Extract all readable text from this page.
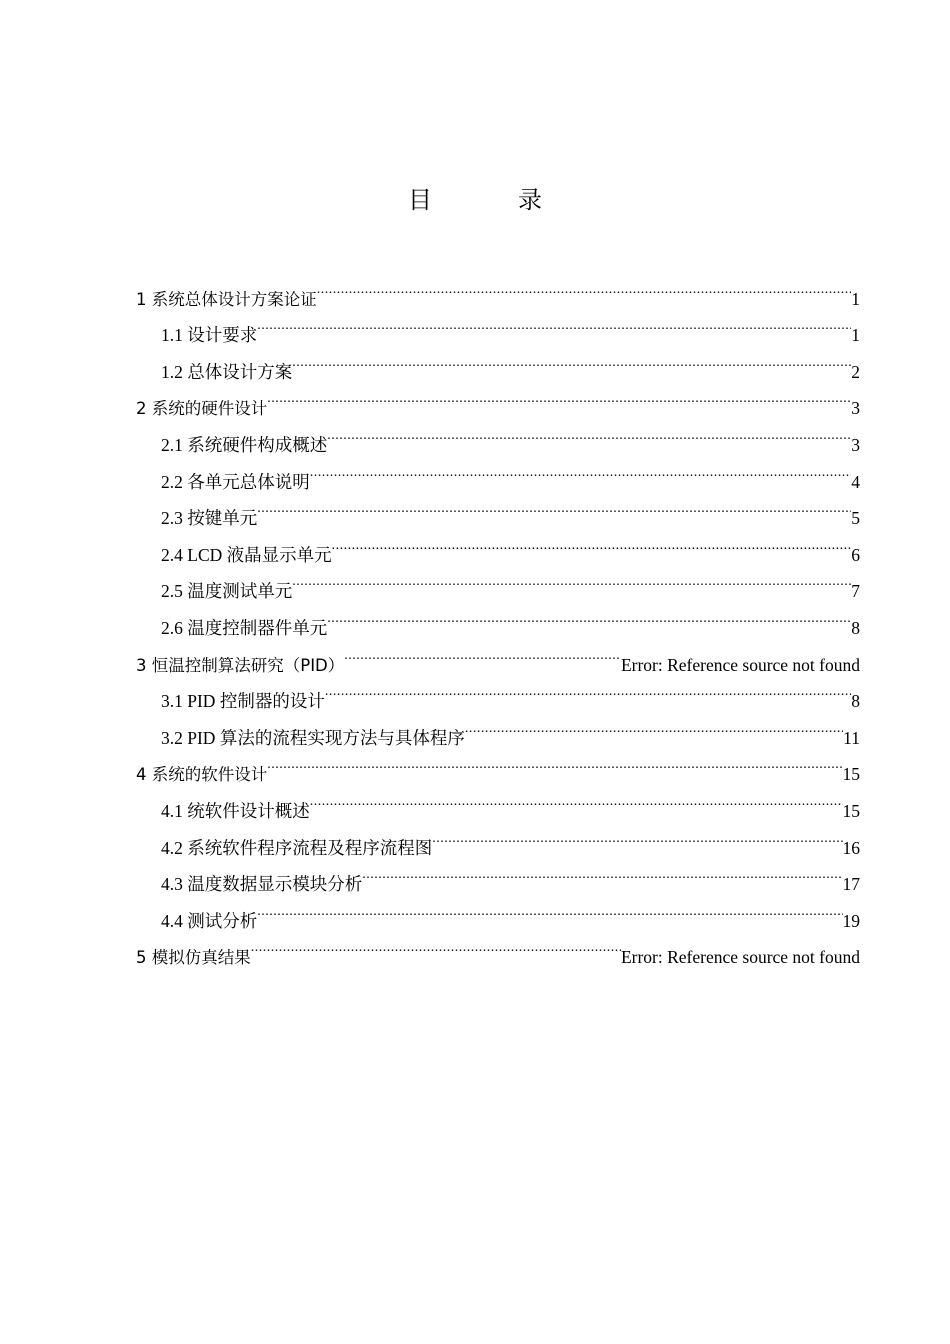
目	录
1 系统总体设计方案论证 .....	1
1.1 设计要求 .....	1
1.2 总体设计方案 .....	2
2 系统的硬件设计 .....	3
2.1 系统硬件构成概述 .....	3
2.2 各单元总体说明 .....	4
2.3 按键单元 .....	5
2.4 LCD 液晶显示单元 .....	6
2.5 温度测试单元 .....	7
2.6 温度控制器件单元 .....	8
3 恒温控制算法研究（PID） .....	Error: Reference source not found
3.1 PID 控制器的设计 .....	8
3.2 PID 算法的流程实现方法与具体程序 .....	11
4 系统的软件设计 .....	15
4.1 统软件设计概述 .....	15
4.2 系统软件程序流程及程序流程图 .....	16
4.3 温度数据显示模块分析 .....	17
4.4 测试分析 .....	19
5 模拟仿真结果 .....	Error: Reference source not found
